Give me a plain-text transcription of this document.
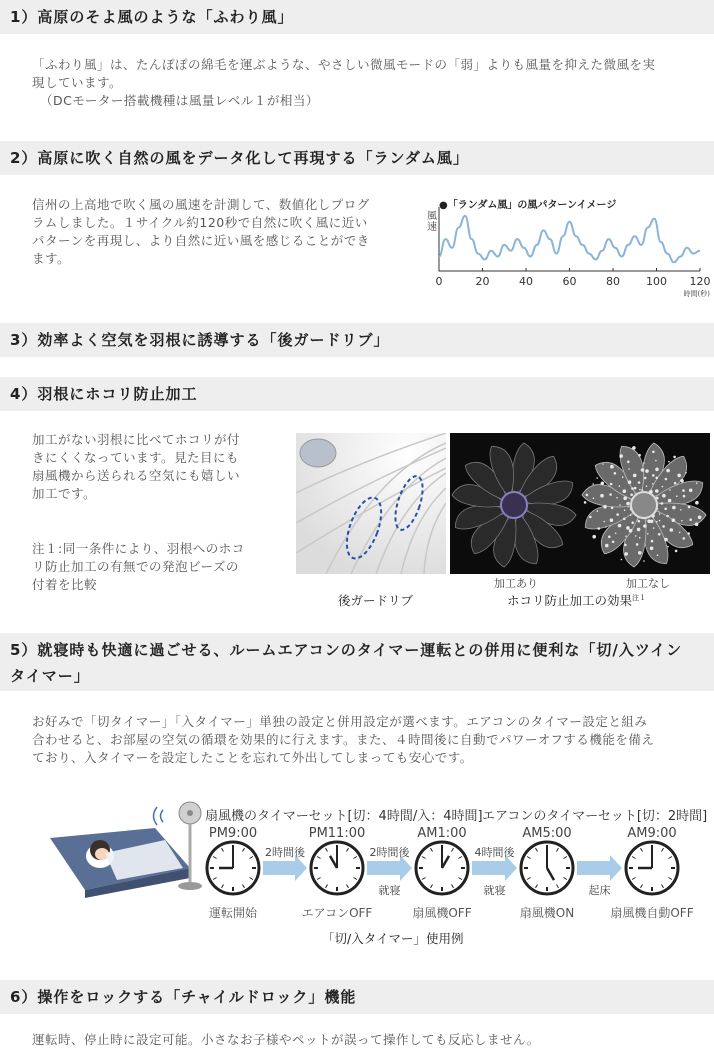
1）高原のそよ風のような「ふわり風」
「ふわり風」は、たんぽぽの綿毛を運ぶような、やさしい微風モードの「弱」よりも風量を抑えた微風を実
現しています。
（DCモーター搭載機種は風量レベル１が相当）
2）高原に吹く自然の風をデータ化して再現する「ランダム風」
信州の上高地で吹く風の風速を計測して、数値化しプログ
ラムしました。１サイクル約120秒で自然に吹く風に近い
パターンを再現し、より自然に近い風を感じることができ
ます。
●「ランダム風」の風パターンイメージ
風速
0	20	40	60	80 100 120
時間(秒)
3）効率よく空気を羽根に誘導する「後ガードリブ」
4）羽根にホコリ防止加工
加工がない羽根に比べてホコリが付
きにくくなっています。見た目にも
扇風機から送られる空気にも嬉しい
加工です。
注１:同一条件により、羽根へのホコ
リ防止加工の有無での発泡ビーズの
付着を比較	加工あり	加工なし
後ガードリブ	ホコリ防止加工の効果$^{注1}$
5）就寝時も快適に過ごせる、ルームエアコンのタイマー運転との併用に便利な「切/入ツイン
タイマー」
お好みで「切タイマー」「入タイマー」単独の設定と併用設定が選べます。エアコンのタイマー設定と組み
合わせると、お部屋の空気の循環を効果的に行えます。また、４時間後に自動でパワーオフする機能を備え
ており、入タイマーを設定したことを忘れて外出してしまっても安心です。
扇風機のタイマーセット[切：4時間/入：4時間] エアコンのタイマーセット[切：2時間]
PM9:00
運転開始
PM11:00
エアコンOFF
AM1:00
扇風機OFF
AM5:00
扇風機ON
AM9:00
扇風機自動OFF
2時間後	2時間後
就寝
4時間後
就寝	起床
「切/入タイマー」使用例
6）操作をロックする「チャイルドロック」機能
運転時、停止時に設定可能。小さなお子様やペットが誤って操作しても反応しません。
